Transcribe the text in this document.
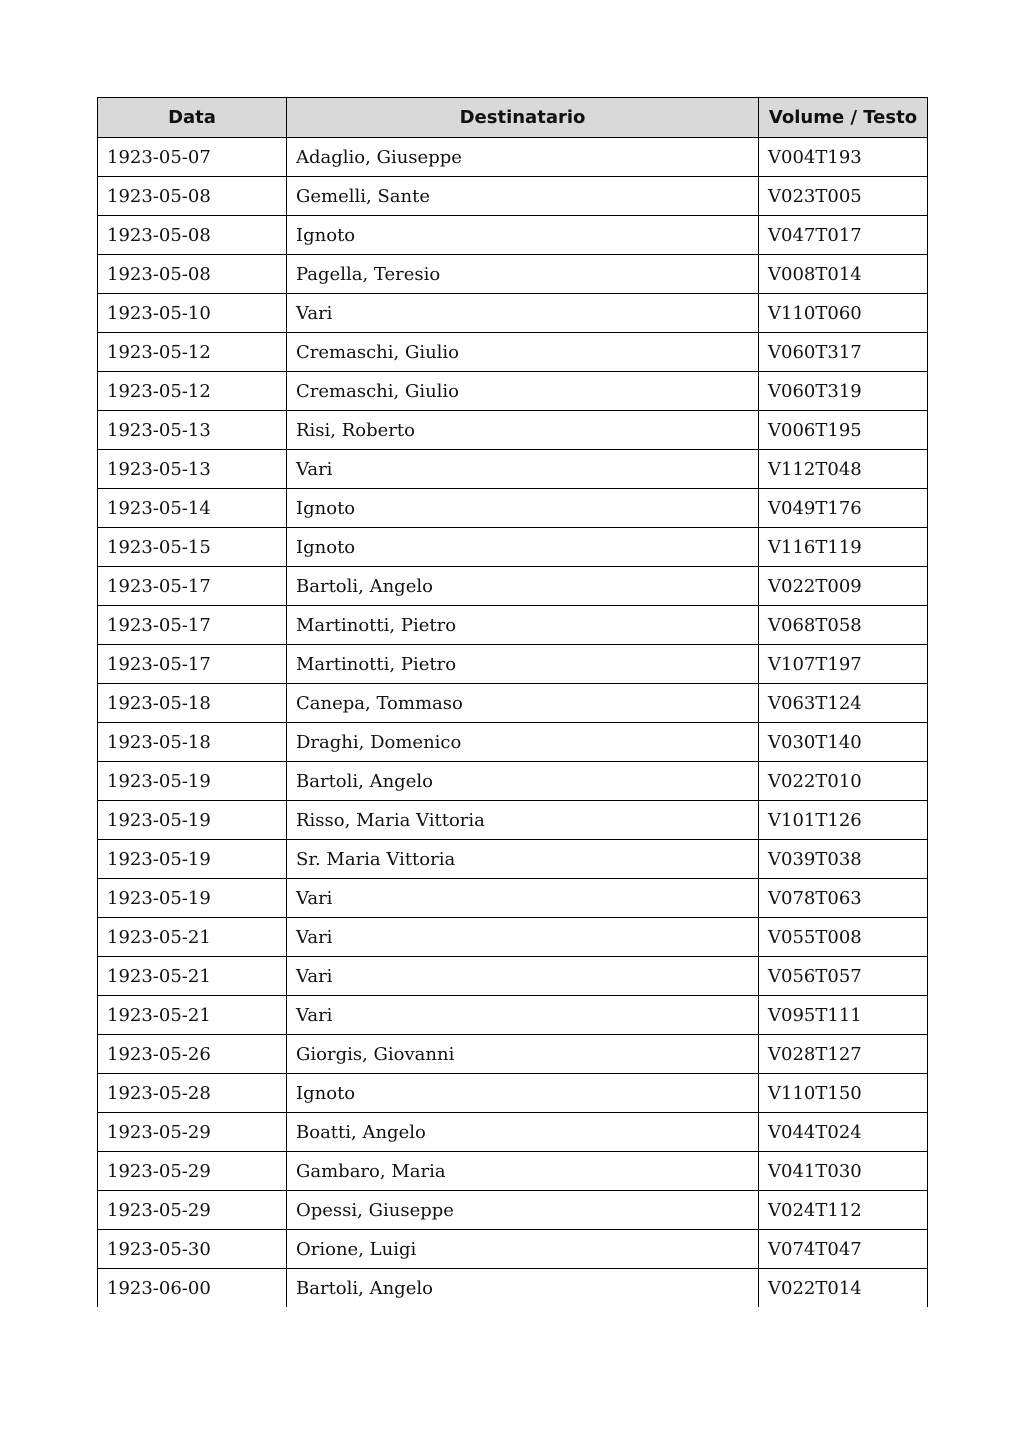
Data	Destinatario	Volume / Testo
1923-05-07	Adaglio, Giuseppe	V004T193
1923-05-08	Gemelli, Sante	V023T005
1923-05-08	Ignoto	V047T017
1923-05-08	Pagella, Teresio	V008T014
1923-05-10	Vari	V110T060
1923-05-12	Cremaschi, Giulio	V060T317
1923-05-12	Cremaschi, Giulio	V060T319
1923-05-13	Risi, Roberto	V006T195
1923-05-13	Vari	V112T048
1923-05-14	Ignoto	V049T176
1923-05-15	Ignoto	V116T119
1923-05-17	Bartoli, Angelo	V022T009
1923-05-17	Martinotti, Pietro	V068T058
1923-05-17	Martinotti, Pietro	V107T197
1923-05-18	Canepa, Tommaso	V063T124
1923-05-18	Draghi, Domenico	V030T140
1923-05-19	Bartoli, Angelo	V022T010
1923-05-19	Risso, Maria Vittoria	V101T126
1923-05-19	Sr. Maria Vittoria	V039T038
1923-05-19	Vari	V078T063
1923-05-21	Vari	V055T008
1923-05-21	Vari	V056T057
1923-05-21	Vari	V095T111
1923-05-26	Giorgis, Giovanni	V028T127
1923-05-28	Ignoto	V110T150
1923-05-29	Boatti, Angelo	V044T024
1923-05-29	Gambaro, Maria	V041T030
1923-05-29	Opessi, Giuseppe	V024T112
1923-05-30	Orione, Luigi	V074T047
1923-06-00	Bartoli, Angelo	V022T014
